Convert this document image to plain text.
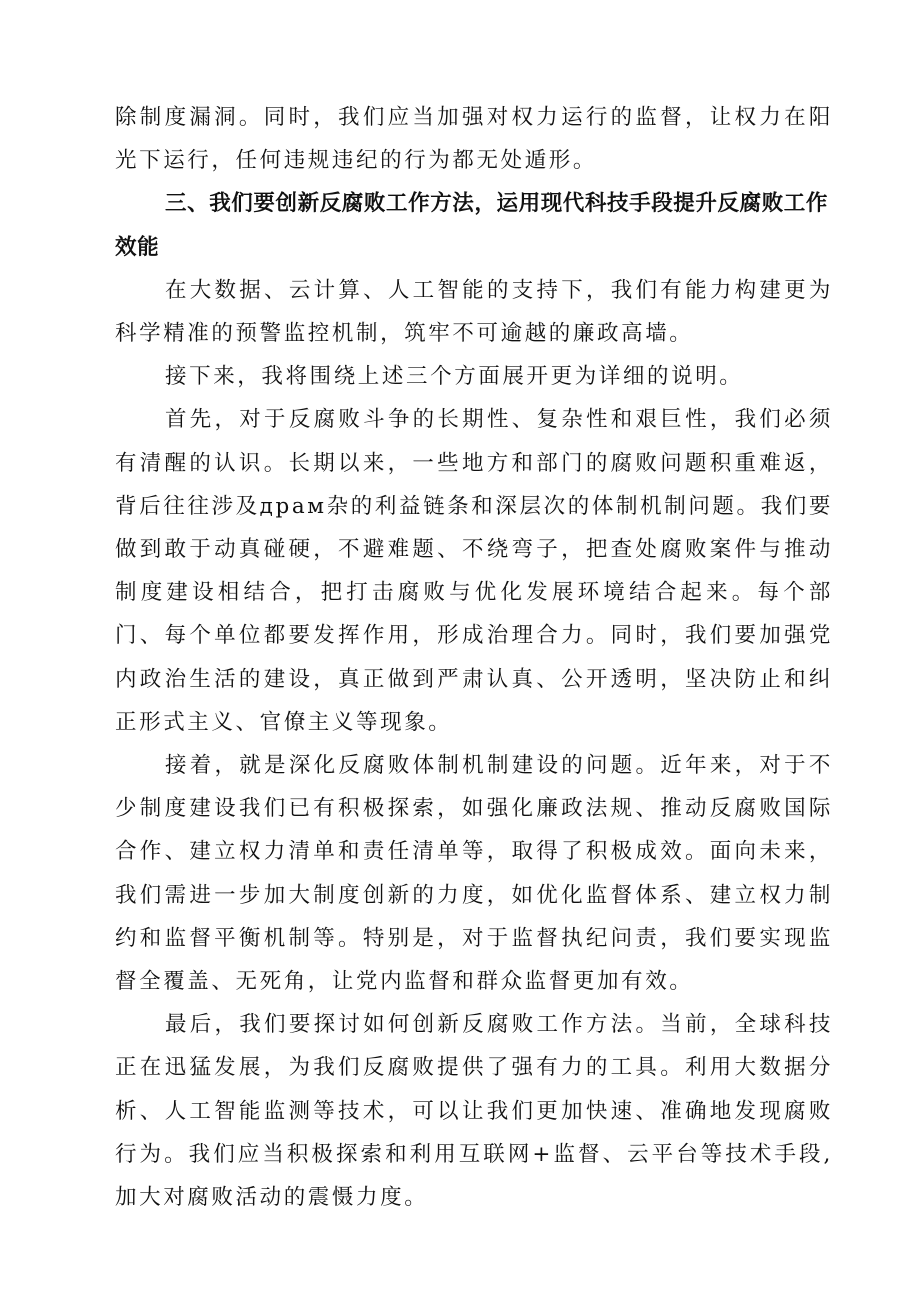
除制度漏洞。同时，我们应当加强对权力运行的监督，让权力在阳光下运行，任何违规违纪的行为都无处遁形。

三、我们要创新反腐败工作方法，运用现代科技手段提升反腐败工作效能

在大数据、云计算、人工智能的支持下，我们有能力构建更为科学精准的预警监控机制，筑牢不可逾越的廉政高墙。

接下来，我将围绕上述三个方面展开更为详细的说明。

首先，对于反腐败斗争的长期性、复杂性和艰巨性，我们必须有清醒的认识。长期以来，一些地方和部门的腐败问题积重难返，背后往往涉及драм杂的利益链条和深层次的体制机制问题。我们要做到敢于动真碰硬，不避难题、不绕弯子，把查处腐败案件与推动制度建设相结合，把打击腐败与优化发展环境结合起来。每个部门、每个单位都要发挥作用，形成治理合力。同时，我们要加强党内政治生活的建设，真正做到严肃认真、公开透明，坚决防止和纠正形式主义、官僚主义等现象。

接着，就是深化反腐败体制机制建设的问题。近年来，对于不少制度建设我们已有积极探索，如强化廉政法规、推动反腐败国际合作、建立权力清单和责任清单等，取得了积极成效。面向未来，我们需进一步加大制度创新的力度，如优化监督体系、建立权力制约和监督平衡机制等。特别是，对于监督执纪问责，我们要实现监督全覆盖、无死角，让党内监督和群众监督更加有效。

最后，我们要探讨如何创新反腐败工作方法。当前，全球科技正在迅猛发展，为我们反腐败提供了强有力的工具。利用大数据分析、人工智能监测等技术，可以让我们更加快速、准确地发现腐败行为。我们应当积极探索和利用互联网+监督、云平台等技术手段,加大对腐败活动的震慑力度。
